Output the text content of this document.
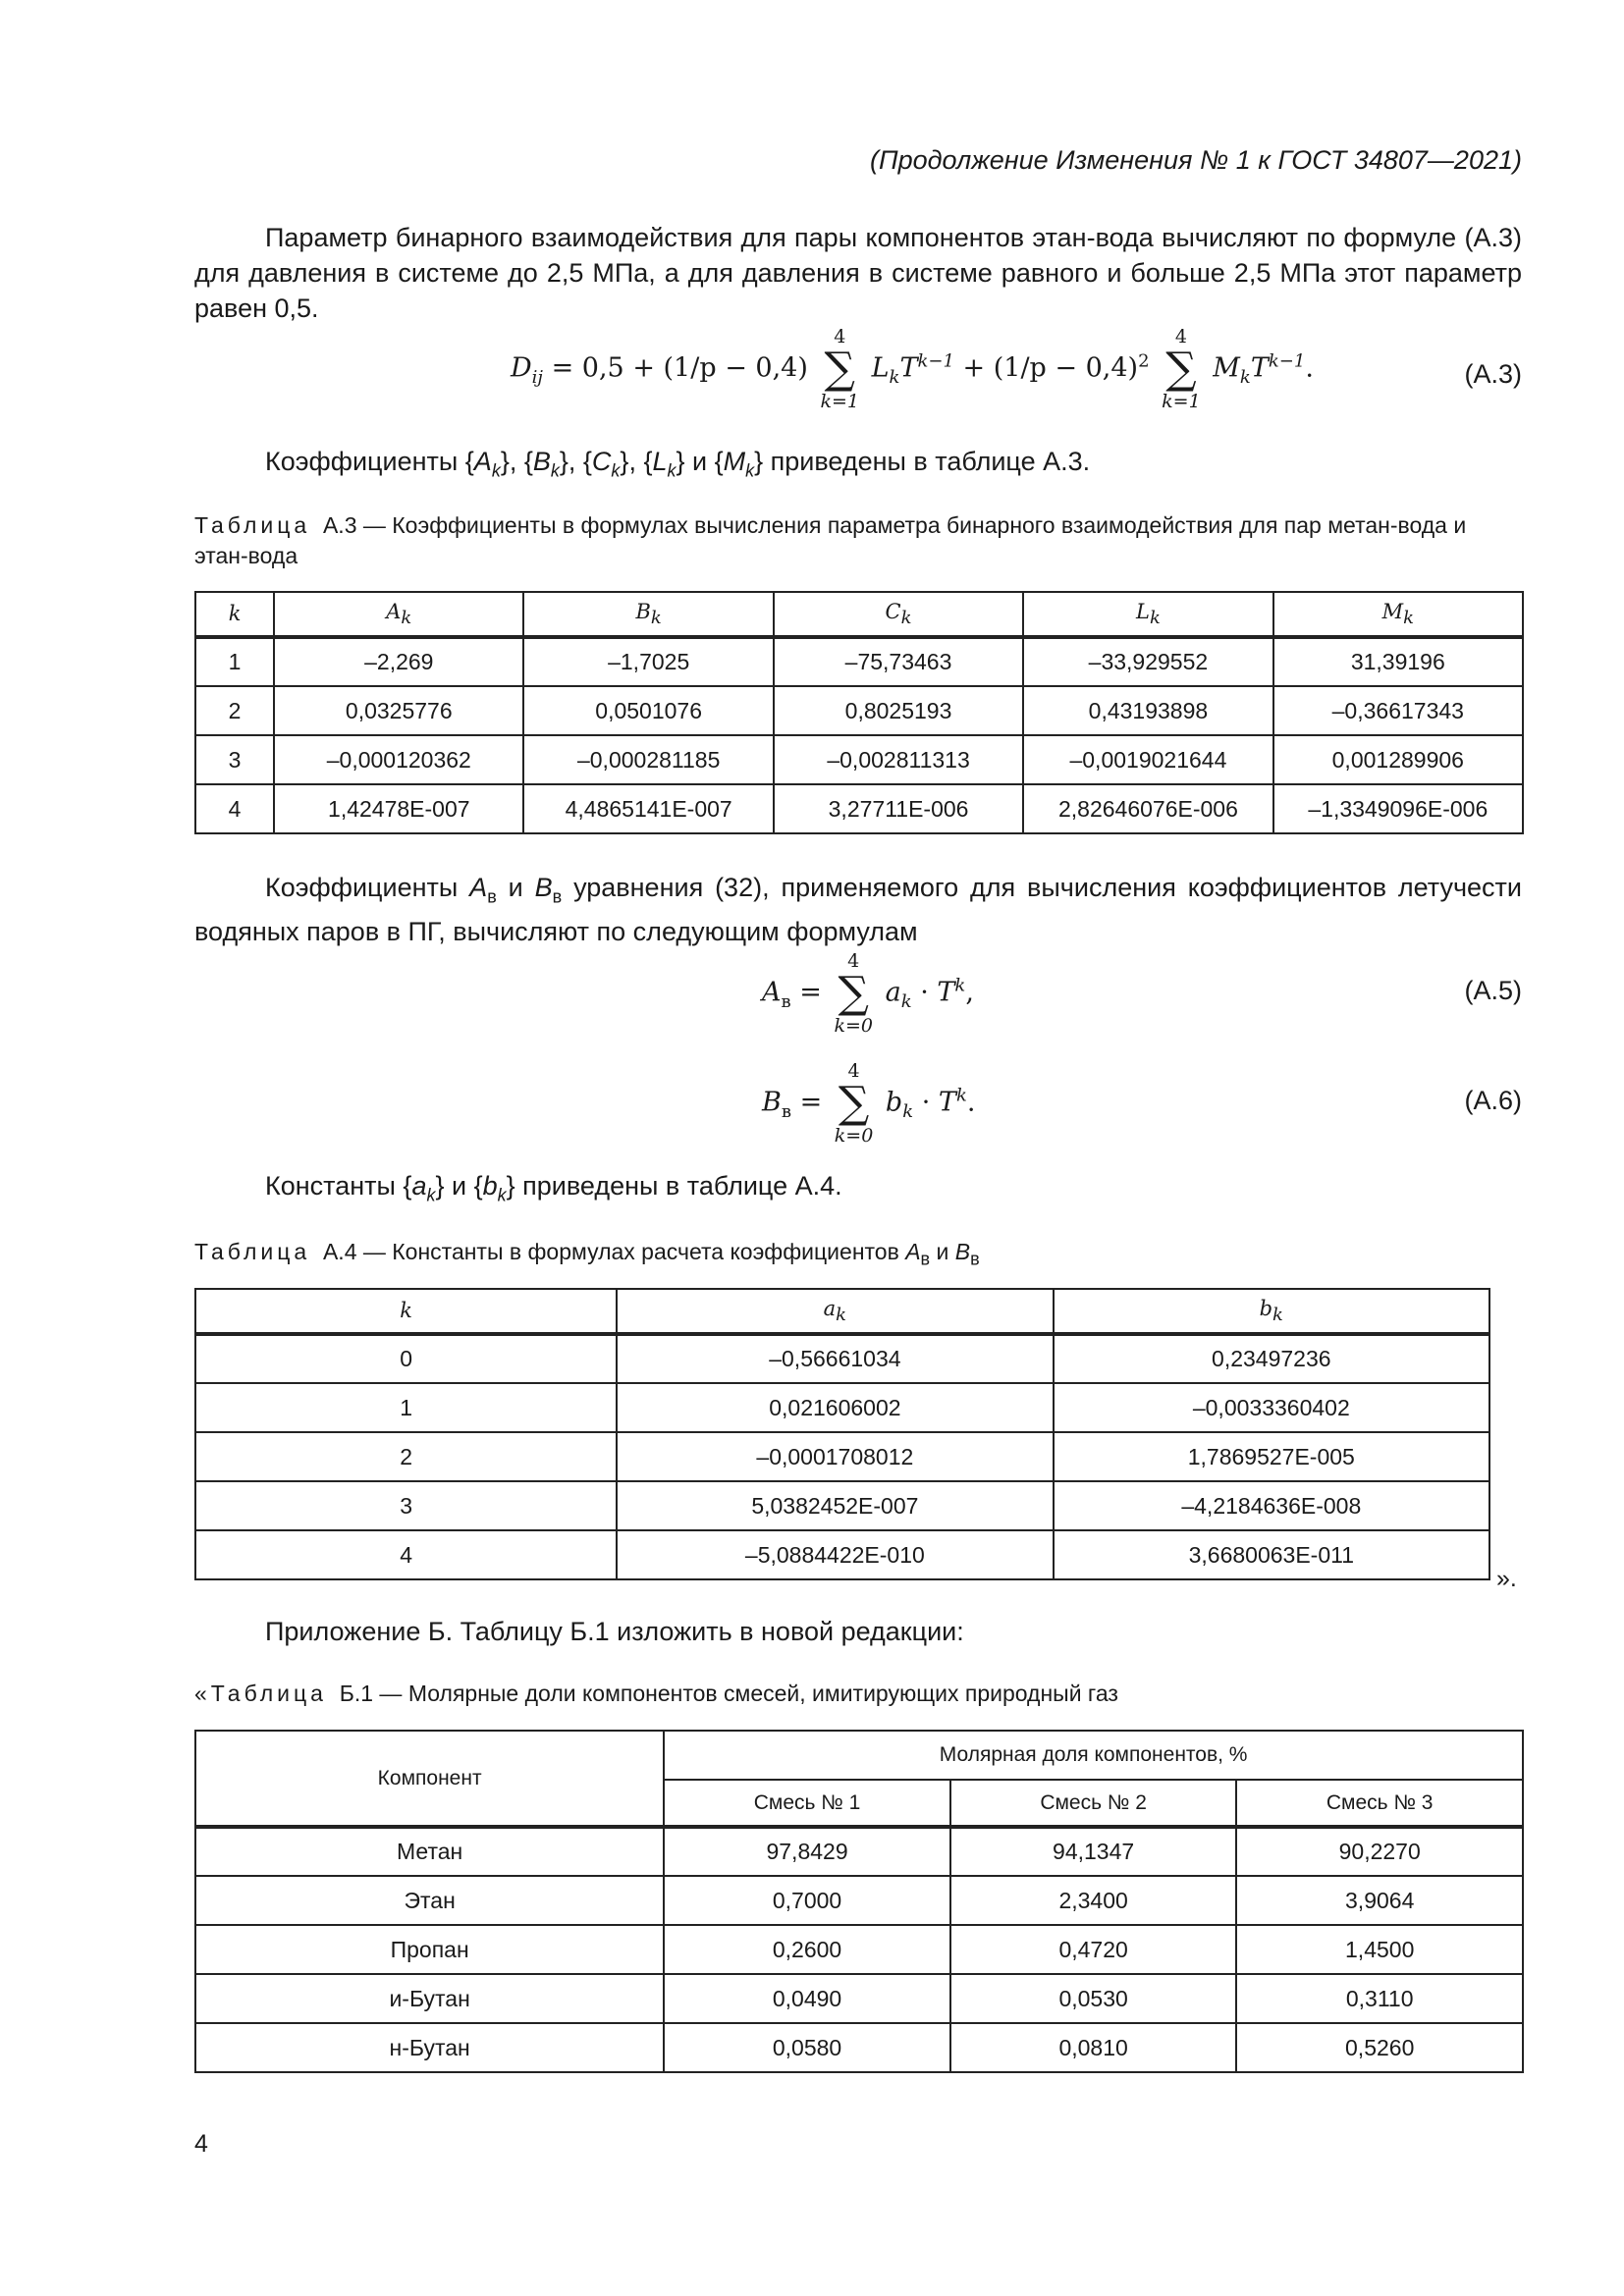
(Продолжение Изменения № 1 к ГОСТ 34807—2021)
Параметр бинарного взаимодействия для пары компонентов этан-вода вычисляют по формуле (А.3) для давления в системе до 2,5 МПа, а для давления в системе равного и больше 2,5 МПа этот параметр равен 0,5.
$D_{ij} = 0,5 + (1/p - 0,4)$
4
∑
k=1
$L_kT^{k-1} + (1/p - 0,4)^2$
4
∑
k=1
$M_kT^{k-1}$.	(А.3)
Коэффициенты $\{A_k\}$, $\{B_k\}$, $\{C_k\}$, $\{L_k\}$ и $\{M_k\}$ приведены в таблице А.3.
Таблица А.3 — Коэффициенты в формулах вычисления параметра бинарного взаимодействия для пар метан-вода и этан-вода
k	$A_k$	$B_k$	$C_k$	$L_k$	$M_k$
1	–2,269	–1,7025	–75,73463	–33,929552	31,39196
2	0,0325776	0,0501076	0,8025193	0,43193898	–0,36617343
3	–0,000120362	–0,000281185	–0,002811313	–0,0019021644	0,001289906
4	1,42478E-007	4,4865141E-007	3,27711E-006	2,82646076E-006	–1,3349096E-006
Коэффициенты $A_в$ и $B_в$ уравнения (32), применяемого для вычисления коэффициентов летучести водяных паров в ПГ, вычисляют по следующим формулам
$A_в$ =
4
∑
k=0
$a_k \cdot T^k$,	(А.5)
$B_в$ =
4
∑
k=0
$b_k \cdot T^k$.	(А.6)
Константы $\{a_k\}$ и $\{b_k\}$ приведены в таблице А.4.
Таблица А.4 — Константы в формулах расчета коэффициентов $A_в$ и $B_в$
k	$a_k$	$b_k$
0	–0,56661034	0,23497236
1	0,021606002	–0,0033360402
2	–0,0001708012	1,7869527E-005
3	5,0382452E-007	–4,2184636E-008
4	–5,0884422E-010	3,6680063E-011
».
Приложение Б. Таблицу Б.1 изложить в новой редакции:
«Таблица Б.1 — Молярные доли компонентов смесей, имитирующих природный газ
Компонент	Молярная доля компонентов, %		
	Смесь № 1	Смесь № 2	Смесь № 3
Метан	97,8429	94,1347	90,2270
Этан	0,7000	2,3400	3,9064
Пропан	0,2600	0,4720	1,4500
и-Бутан	0,0490	0,0530	0,3110
н-Бутан	0,0580	0,0810	0,5260
4
